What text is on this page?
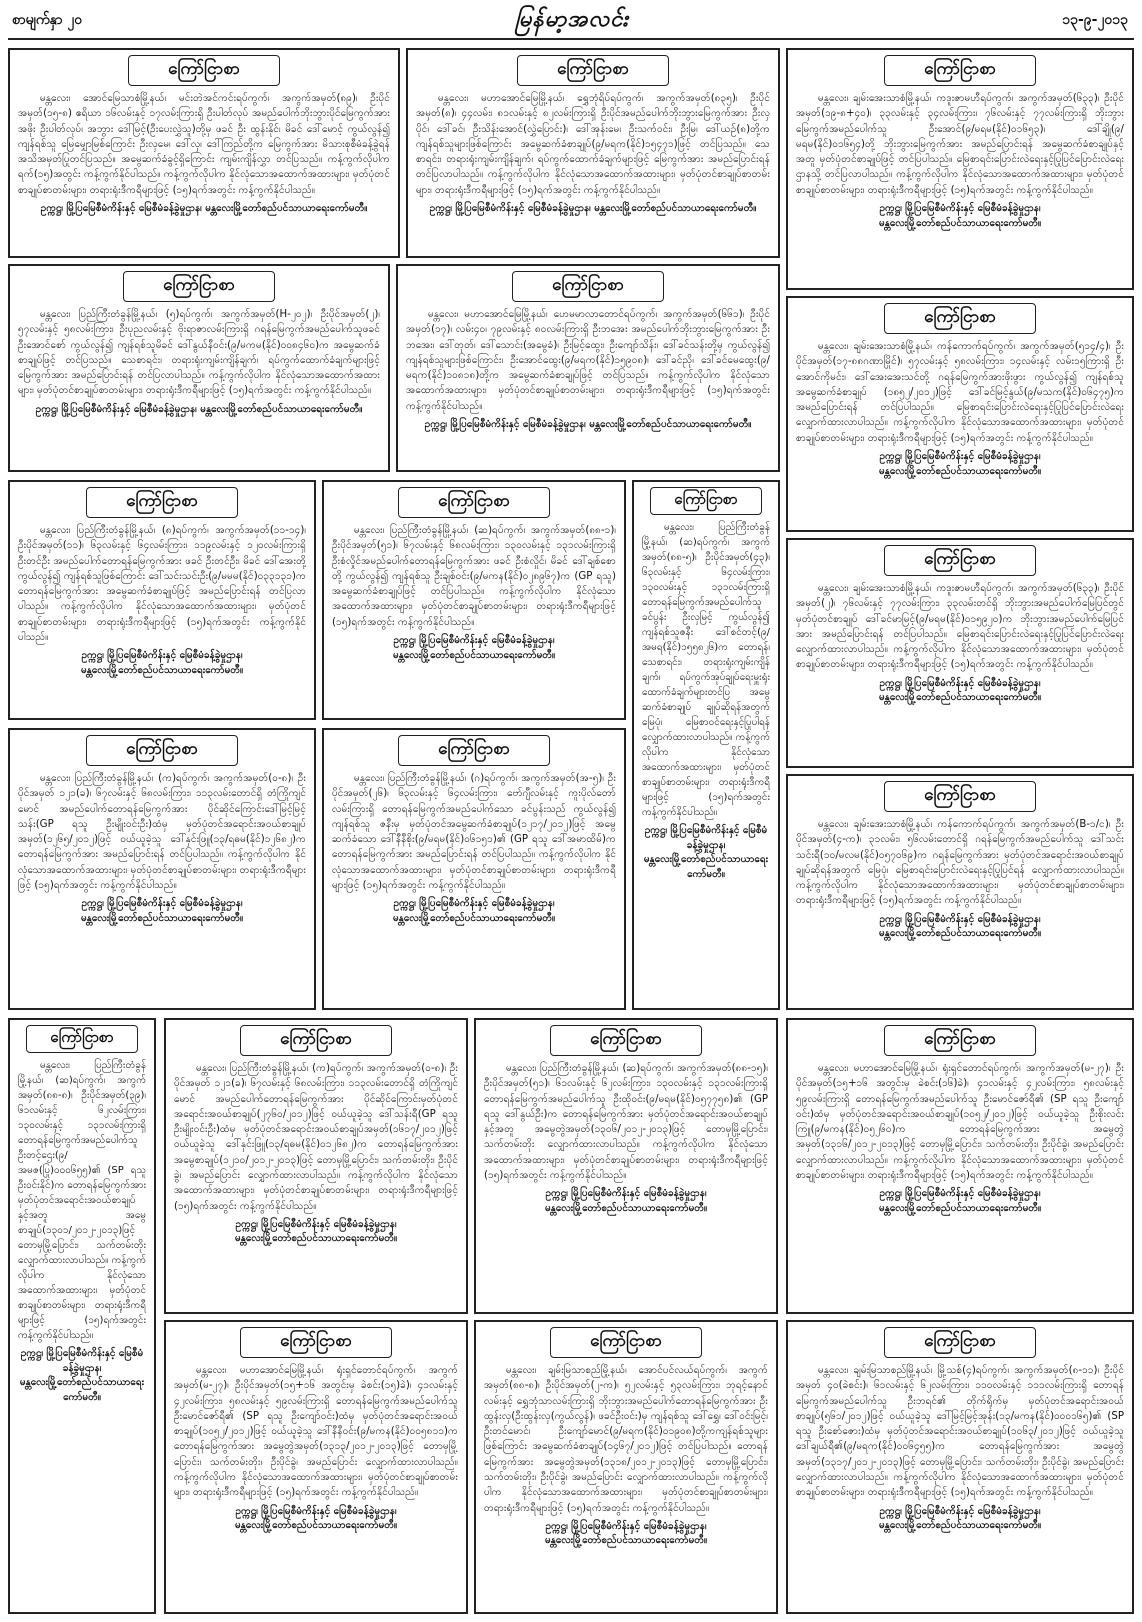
စာမျက်နှာ ၂၀	မြန်မာ့အလင်း	၁၃-၉-၂၀၁၃
ကြော်ငြာစာ
မန္တလေး၊ အောင်မြေသာစံမြို့နယ်၊ မင်းတဲအင်ကင်းရပ်ကွက်၊ အကွက်အမှတ်(၈၉)၊ ဦးပိုင်အမှတ်(၁၅-၈) ဧရိယာ ၁၆လမ်းနှင့် ၁၇လမ်းကြားရှိ ဦးပါတ်လုပ် အမည်ပေါက်ဘိုးဘွားပိုင်မြေကွက်အား အဖိုး ဦးပါတ်လုပ်၊ အဘွား ဒေါ်မြင့်(ဦးပေးလွှဲသူ)တို့မှ ဖခင် ဦး ထွန်းနိုင်၊ မိခင် ဒေါ်မောင့် ကွယ်လွန်၍ ကျန်ရစ်သူ မြေမျှောမြစ်ကြောင်း ဦးလှမေ၊ ဒေါ်လှ၊ ဒေါ်ကြည်တို့က မြေကွက်အား မိသားစုစီမံခန့်ခွဲရန် အသိအမှတ်ပြုတင်ပြသည်။ အမွေဆက်ခံခွင့်ရှိကြောင်း ကျမ်းကျိန်လွှာ တင်ပြသည်။ ကန့်ကွက်လိုပါက ရက်(၁၅)အတွင်း ကန့်ကွက်နိုင်ပါသည်။ ကန့်ကွက်လိုပါက နိုင်လုံသောအထောက်အထားများ၊ မှတ်ပုံတင်စာချုပ်စာတမ်းများ၊ တရားရုံးဒီကရီများဖြင့် (၁၅)ရက်အတွင်း ကန့်ကွက်နိုင်ပါသည်။
ဥက္ကဋ္ဌ၊ မြို့ပြမြေစီမံကိန်းနှင့် မြေစီမံခန့်ခွဲမှုဌာန၊ မန္တလေးမြို့တော်စည်ပင်သာယာရေးကော်မတီ။
ကြော်ငြာစာ
မန္တလေး၊ မဟာအောင်မြေမြို့နယ်၊ ရွှေဘုံရိပ်ရပ်ကွက်၊ အကွက်အမှတ်(၈၃၅)၊ ဦးပိုင်အမှတ်(၈)၊ ၄၄လမ်း၊ ၈၁လမ်းနှင့် ၈၂လမ်းကြားရှိ ဦးပိုင်အမည်ပေါက်ဘိုးဘွားမြေကွက်အား ဦးလှပိုင်၊ ဒေါ်ခင်၊ ဦးသိန်းအောင်(လွှဲပြောင်း)၊ ဒေါ်အုန်းမေ၊ ဦးသက်ဝင်း၊ ဦးမြ၊ ဒေါ်ယဉ်(၈)တို့ကကျန်ရစ်သူများဖြစ်ကြောင်း အမွေဆက်ခံစာချုပ်(၉/မရက(နိုင်)၁၅၄၇၁)ဖြင့် တင်ပြသည်။ သေစာရင်း၊ တရားရုံးကျမ်းကျိန်ချက်၊ ရပ်ကွက်ထောက်ခံချက်များဖြင့် မြေကွက်အား အမည်ပြောင်းရန် တင်ပြလာပါသည်။ ကန့်ကွက်လိုပါက နိုင်လုံသောအထောက်အထားများ၊ မှတ်ပုံတင်စာချုပ်စာတမ်းများ၊ တရားရုံးဒီကရီများဖြင့် (၁၅)ရက်အတွင်း ကန့်ကွက်နိုင်ပါသည်။
ဥက္ကဋ္ဌ၊ မြို့ပြမြေစီမံကိန်းနှင့် မြေစီမံခန့်ခွဲမှုဌာန၊ မန္တလေးမြို့တော်စည်ပင်သာယာရေးကော်မတီ။
ကြော်ငြာစာ
မန္တလေး၊ ချမ်းအေးသာစံမြို့နယ်၊ ကဒူးဇာမဟီရပ်ကွက်၊ အကွက်အမှတ်(၆၃၃)၊ ဦးပိုင်အမှတ်(၁၉-၈+၄၀)၊ ၃၃လမ်းနှင့် ၃၄လမ်းကြား၊ ၇၆လမ်းနှင့် ၇၇လမ်းကြားရှိ ဘိုးဘွားမြေကွက်အမည်ပေါက်သူ ဦးအောင်(၉/မရမ(နိုင်)၀၁၆၅၃)၊ ဒေါ်ချို(၉/မရမ(နိုင်)၀၁၆၅၄)တို့ ဘိုးဘွားမြေကွက်အား အမည်ပြောင်းရန် အမွေဆက်ခံစာချုပ်နှင့်အတူ မှတ်ပုံတင်စာချုပ်ဖြင့် တင်ပြပါသည်။ မြေစာရင်းပြောင်းလဲရေးနှင့်ပြုပြင်ပြောင်းလဲရေး ဌာနသို့ တင်ပြလာပါသည်။ ကန့်ကွက်လိုပါက နိုင်လုံသောအထောက်အထားများ၊ မှတ်ပုံတင်စာချုပ်စာတမ်းများ၊ တရားရုံးဒီကရီများဖြင့် (၁၅)ရက်အတွင်း ကန့်ကွက်နိုင်ပါသည်။
ဥက္ကဋ္ဌ၊ မြို့ပြမြေစီမံကိန်းနှင့် မြေစီမံခန့်ခွဲမှုဌာန၊
မန္တလေးမြို့တော်စည်ပင်သာယာရေးကော်မတီ။
ကြော်ငြာစာ
မန္တလေး၊ ပြည်ကြီးတံခွန်မြို့နယ်၊ (၅)ရပ်ကွက်၊ အကွက်အမှတ်(H-၂၀၂)၊ ဦးပိုင်အမှတ်(၂)၊ ၅၇လမ်းနှင့် ၅၈လမ်းကြား၊ ဦးပုညလမ်းနှင့် ဗိုးရာဇာလမ်းကြားရှိ ဂရန်မြေကွက်အမည်ပေါက်သူဖခင် ဦးအောင်စော် ကွယ်လွန်၍ ကျန်ရစ်သူမိခင် ဒေါ်နွယ်နီဝင်း(၉/မကမ(နိုင်)၀၀၈၄၆၀)က အမွေဆက်ခံစာချုပ်ဖြင့် တင်ပြသည်။ သေစာရင်း၊ တရားရုံးကျမ်းကျိန်ချက်၊ ရပ်ကွက်ထောက်ခံချက်များဖြင့် မြေကွက်အား အမည်ပြောင်းရန် တင်ပြလာပါသည်။ ကန့်ကွက်လိုပါက နိုင်လုံသောအထောက်အထားများ၊ မှတ်ပုံတင်စာချုပ်စာတမ်းများ၊ တရားရုံးဒီကရီများဖြင့် (၁၅)ရက်အတွင်း ကန့်ကွက်နိုင်ပါသည်။
ဥက္ကဋ္ဌ၊ မြို့ပြမြေစီမံကိန်းနှင့် မြေစီမံခန့်ခွဲမှုဌာန၊ မန္တလေးမြို့တော်စည်ပင်သာယာရေးကော်မတီ။
ကြော်ငြာစာ
မန္တလေး၊ မဟာအောင်မြေမြို့နယ်၊ ဟေမမာလာတောင်ရပ်ကွက်၊ အကွက်အမှတ်(၆၆၁)၊ ဦးပိုင်အမှတ်(၁၇)၊ လမ်း၄၀၊ ၇၉လမ်းနှင့် ၈၀လမ်းကြားရှိ ဦးဘအေး အမည်ပေါက်ဘိုးဘွားမြေကွက်အား ဦးဘအေး၊ ဒေါ်တုတ်၊ ဒေါ်သောင်း(အမွေခံ)၊ ဦးမြင့်ထွေး၊ ဦးကျော်သိန်း၊ ဒေါ်ခင်သန်းတို့မှ ကွယ်လွန်၍ ကျန်ရစ်သူများဖြစ်ကြောင်း၊ ဦးအောင်ထွေး(၉/မရက(နိုင်)၁၅၉၀၈)၊ ဒေါ်ခင်ညို၊ ဒေါ်ခင်မေထွေး(၉/မရက(နိုင်)၁၀၈၁၈)တို့က အမွေဆက်ခံစာချုပ်ဖြင့် တင်ပြသည်။ ကန့်ကွက်လိုပါက နိုင်လုံသောအထောက်အထားများ၊ မှတ်ပုံတင်စာချုပ်စာတမ်းများ၊ တရားရုံးဒီကရီများဖြင့် (၁၅)ရက်အတွင်း ကန့်ကွက်နိုင်ပါသည်။
ဥက္ကဋ္ဌ၊ မြို့ပြမြေစီမံကိန်းနှင့် မြေစီမံခန့်ခွဲမှုဌာန၊ မန္တလေးမြို့တော်စည်ပင်သာယာရေးကော်မတီ။
ကြော်ငြာစာ
မန္တလေး၊ ချမ်းအေးသာစံမြို့နယ်၊ ကန်ကောက်ရပ်ကွက်၊ အကွက်အမှတ်(၅၁၄/၄)၊ ဦးပိုင်အမှတ်(၁၇-၈၈ဂဏာမြိုင်)၊ ၅၇လမ်းနှင့် ၅၈လမ်းကြား၊ ၁၄လမ်းနှင့် လမ်း၁၅ကြားရှိ ဦးအောင်ကိုမင်း၊ ဒေါ်အေးအေးသင်တို့ ဂရန်မြေကွက်အားဖိုးဖွား ကွယ်လွန်၍ ကျန်ရစ်သူ အမွေဆက်ခံစာချုပ် (၁၈၅၂/၂၀၁၂)ဖြင့် ဒေါ်ခင်မြင့်နွယ်(၉/မသက(နိုင်)၀၆၄၇၅)က အမည်ပြောင်းရန် တင်ပြပါသည်။ မြေစာရင်းပြောင်းလဲရေးနှင့်ပြုပြင်ပြောင်းလဲရေး လျှောက်ထားလာပါသည်။ ကန့်ကွက်လိုပါက နိုင်လုံသောအထောက်အထားများ၊ မှတ်ပုံတင်စာချုပ်စာတမ်းများ၊ တရားရုံးဒီကရီများဖြင့် (၁၅)ရက်အတွင်း ကန့်ကွက်နိုင်ပါသည်။
ဥက္ကဋ္ဌ၊ မြို့ပြမြေစီမံကိန်းနှင့် မြေစီမံခန့်ခွဲမှုဌာန၊
မန္တလေးမြို့တော်စည်ပင်သာယာရေးကော်မတီ။
ကြော်ငြာစာ
မန္တလေး၊ ပြည်ကြီးတံခွန်မြို့နယ်၊ (၈)ရပ်ကွက်၊ အကွက်အမှတ်(၁၁-၁၄)၊ ဦးပိုင်အမှတ်(၁၁)၊ ၆၃လမ်းနှင့် ၆၄လမ်းကြား၊ ၁၁၉လမ်းနှင့် ၁၂၀လမ်းကြားရှိ ဦးတင်ဦး အမည်ပေါက်တောရန်မြေကွက်အား ဖခင် ဦးတင်ဦး၊ မိခင် ဒေါ်အေးတို့ ကွယ်လွန်၍ ကျန်ရစ်သူဖြစ်ကြောင်း ဒေါ်သင်းသင်းဦး(၉/မမမ(နိုင်)၀၃၃၁၃၁)က တောရန်မြေကွက်အား အမွေဆက်ခံစာချုပ်ဖြင့် အမည်ပြောင်းရန် တင်ပြလာပါသည်။ ကန့်ကွက်လိုပါက နိုင်လုံသောအထောက်အထားများ၊ မှတ်ပုံတင်စာချုပ်စာတမ်းများ၊ တရားရုံးဒီကရီများဖြင့် (၁၅)ရက်အတွင်း ကန့်ကွက်နိုင်ပါသည်။
ဥက္ကဋ္ဌ၊ မြို့ပြမြေစီမံကိန်းနှင့် မြေစီမံခန့်ခွဲမှုဌာန၊
မန္တလေးမြို့တော်စည်ပင်သာယာရေးကော်မတီ။
ကြော်ငြာစာ
မန္တလေး၊ ပြည်ကြီးတံခွန်မြို့နယ်၊ (ဆ)ရပ်ကွက်၊ အကွက်အမှတ်(၈၈-၁)၊ ဦးပိုင်အမှတ်(၅၁)၊ ၆၇လမ်းနှင့် ၆၈လမ်းကြား၊ ၁၃၀လမ်းနှင့် ၁၃၁လမ်းကြားရှိ ဦးစံလှိုင်အမည်ပေါက်တောရန်မြေကွက်အား ဖခင် ဦးစံလှိုင်၊ မိခင် ဒေါ်ချစ်စော တို့ ကွယ်လွန်၍ ကျန်ရစ်သူ ဦးချစ်ဝင်း(၉/မကန(နိုင်)၀၂၈၉၆၇)က (GP ရသူ) အမွေဆက်ခံစာချုပ်ဖြင့် တင်ပြပါသည်။ ကန့်ကွက်လိုပါက နိုင်လုံသောအထောက်အထားများ၊ မှတ်ပုံတင်စာချုပ်စာတမ်းများ၊ တရားရုံးဒီကရီများဖြင့် (၁၅)ရက်အတွင်း ကန့်ကွက်နိုင်ပါသည်။
ဥက္ကဋ္ဌ၊ မြို့ပြမြေစီမံကိန်းနှင့် မြေစီမံခန့်ခွဲမှုဌာန၊
မန္တလေးမြို့တော်စည်ပင်သာယာရေးကော်မတီ။
ကြော်ငြာစာ
မန္တလေး၊ ပြည်ကြီးတံခွန်မြို့နယ်၊ (ဆ)ရပ်ကွက်၊ အကွက်အမှတ်(၈၈-၅)၊ ဦးပိုင်အမှတ်(၄၃)၊ ၆၃လမ်းနှင့် ၆၄လမ်းကြား၊ ၁၃၀လမ်းနှင့် ၁၃၁လမ်းကြားရှိ တောရန်မြေကွက်အမည်ပေါက်သူ ခင်ပွန်း ဦးလှမြင့် ကွယ်လွန်၍ ကျန်ရစ်သူဇနီး ဒေါ်စင်တင့်(၉/အမရ(နိုင်)၁၅၅၈၂၆)က တောရန်၊ သေစာရင်း၊ တရားရုံးကျမ်းကျိန်ချက်၊ ရပ်ကွက်အုပ်ချုပ်ရေးမှူးရုံး ထောက်ခံချက်များတင်ပြ အမွေဆက်ခံစာချုပ် ချုပ်ဆိုရန်အတွက် မြေပုံ၊ မြေစာဝင်ရေးနှင့်ပြုပါရန် လျှောက်ထားလာပါသည်။ ကန့်ကွက်လိုပါက နိုင်လုံသောအထောက်အထားများ၊ မှတ်ပုံတင်စာချုပ်စာတမ်းများ၊ တရားရုံးဒီကရီများဖြင့် (၁၅)ရက်အတွင်း ကန့်ကွက်နိုင်ပါသည်။
ဥက္ကဋ္ဌ၊ မြို့ပြမြေစီမံကိန်းနှင့် မြေစီမံခန့်ခွဲမှုဌာန၊
မန္တလေးမြို့တော်စည်ပင်သာယာရေးကော်မတီ။
ကြော်ငြာစာ
မန္တလေး၊ ချမ်းအေးသာစံမြို့နယ်၊ ကဒူးဇာမဟီရပ်ကွက်၊ အကွက်အမှတ်(၆၃၃)၊ ဦးပိုင်အမှတ်(၂)၊ ၇၆လမ်းနှင့် ၇၇လမ်းကြား၊ ၃၃လမ်းတင်ရှိ ဘိုးဘွားအမည်ပေါက်မြေပြင်တွင် မှတ်ပုံတင်စာချုပ် ဒေါ်ခင်မာမြင့်(၉/မရမ(နိုင်)၀၁၅၉၂၀)က ဘိုးဘွားအမည်ပေါက်မြေပြင်အား အမည်ပြောင်းရန် တင်ပြပါသည်။ မြေစာရင်းပြောင်းလဲရေးနှင့်ပြုပြင်ပြောင်းလဲရေး လျှောက်ထားလာပါသည်။ ကန့်ကွက်လိုပါက နိုင်လုံသောအထောက်အထားများ၊ မှတ်ပုံတင်စာချုပ်စာတမ်းများ၊ တရားရုံးဒီကရီများဖြင့် (၁၅)ရက်အတွင်း ကန့်ကွက်နိုင်ပါသည်။
ဥက္ကဋ္ဌ၊ မြို့ပြမြေစီမံကိန်းနှင့် မြေစီမံခန့်ခွဲမှုဌာန၊
မန္တလေးမြို့တော်စည်ပင်သာယာရေးကော်မတီ။
ကြော်ငြာစာ
မန္တလေး၊ ပြည်ကြီးတံခွန်မြို့နယ်၊ (က)ရပ်ကွက်၊ အကွက်အမှတ်(၀-၈)၊ ဦးပိုင်အမှတ် ၁၂၁(ခ)၊ ၆၇လမ်းနှင့် ၆၈လမ်းကြား၊ ၁၁၃လမ်းတောင်ရှိ တံကြိုကျင်မောင် အမည်ပေါက်တောရန်မြေကွက်အား ပိုင်ဆိုင်ကြောင်းဒေါ်မြင့်မြင့်သန်း(GP ရသူ ဦးမျိုးဝင်းဦး)ထံမှ မှတ်ပုံတင်အရောင်းအဝယ်စာချုပ်အမှတ်(၁၂၆၅/၂၀၁၂)ဖြင့် ဝယ်ယူခဲ့သူ ဒေါ်နှင်းဖြူ(၁၃/ရဓမ(နိုင်)၁၂၆၈၂)က တောရန်မြေကွက်အား အမည်ပြောင်းရန် တင်ပြပါသည်။ ကန့်ကွက်လိုပါက နိုင်လုံသောအထောက်အထားများ၊ မှတ်ပုံတင်စာချုပ်စာတမ်းများ၊ တရားရုံးဒီကရီများဖြင့် (၁၅)ရက်အတွင်း ကန့်ကွက်နိုင်ပါသည်။
ဥက္ကဋ္ဌ၊ မြို့ပြမြေစီမံကိန်းနှင့် မြေစီမံခန့်ခွဲမှုဌာန၊
မန္တလေးမြို့တော်စည်ပင်သာယာရေးကော်မတီ။
ကြော်ငြာစာ
မန္တလေး၊ ပြည်ကြီးတံခွန်မြို့နယ်၊ (ဂ)ရပ်ကွက်၊ အကွက်အမှတ်(အ-၅)၊ ဦးပိုင်အမှတ်(၂၆)၊ ၆၃လမ်းနှင့် ၆၄လမ်းကြား၊ ဗော်ဂျီလမ်းနှင့် ကူးပိုလ်တော်လမ်းကြားရှိ တောရန်မြေကွက်အမည်ပေါက်သော ခင်ပွန်းသည် ကွယ်လွန်၍ ကျန်ရစ်သူ ဇနီးမှ မှတ်ပုံတင်အမွေဆက်ခံစာချုပ်(၁၂၁၇/၂၀၁၂)ဖြင့် အမွေဆက်ခံသော ဒေါ်နီနီစိုး(၉/မရမ(နိုင်)၀၆၁၅၁)၏ (GP ရသူ ဒေါ်အမာထိမ်)က တောရန်မြေကွက်အား အမည်ပြောင်းရန် တင်ပြပါသည်။ ကန့်ကွက်လိုပါက နိုင်လုံသောအထောက်အထားများ၊ မှတ်ပုံတင်စာချုပ်စာတမ်းများ၊ တရားရုံးဒီကရီများဖြင့် (၁၅)ရက်အတွင်း ကန့်ကွက်နိုင်ပါသည်။
ဥက္ကဋ္ဌ၊ မြို့ပြမြေစီမံကိန်းနှင့် မြေစီမံခန့်ခွဲမှုဌာန၊
မန္တလေးမြို့တော်စည်ပင်သာယာရေးကော်မတီ။
ကြော်ငြာစာ
မန္တလေး၊ ချမ်းအေးသာစံမြို့နယ်၊ ကန်ကောက်ရပ်ကွက်၊ အကွက်အမှတ်(B-၁/င)၊ ဦးပိုင်အမှတ်(၄-က)၊ ၃၁လမ်း၊ ၅၆လမ်းတောင်ရှိ ဂရန်မြေကွက်အမည်ပေါက်သူ ဒေါ်သင်းသင်းရီ(၁၀/မလမ(နိုင်)၀၅၇၀၆၉)က ဂရန်မြေကွက်အား မှတ်ပုံတင်အရောင်းအဝယ်စာချုပ် ချုပ်ဆိုရန်အတွက် မြေပုံ၊ မြေစာရင်းပြောင်းလဲရေးနှင့်ပြုပြင်ရန် လျှောက်ထားလာပါသည်။ ကန့်ကွက်လိုပါက နိုင်လုံသောအထောက်အထားများ၊ မှတ်ပုံတင်စာချုပ်စာတမ်းများ၊ တရားရုံးဒီကရီများဖြင့် (၁၅)ရက်အတွင်း ကန့်ကွက်နိုင်ပါသည်။
ဥက္ကဋ္ဌ၊ မြို့ပြမြေစီမံကိန်းနှင့် မြေစီမံခန့်ခွဲမှုဌာန၊
မန္တလေးမြို့တော်စည်ပင်သာယာရေးကော်မတီ။
ကြော်ငြာစာ
မန္တလေး၊ ပြည်ကြီးတံခွန်မြို့နယ်၊ (ဆ)ရပ်ကွက်၊ အကွက်အမှတ်(၈၈-၈)၊ ဦးပိုင်အမှတ်(၃၉)၊ ၆၁လမ်းနှင့် ၆၂လမ်းကြား၊ ၁၃၀လမ်းနှင့် ၁၃၁လမ်းကြားရှိ တောရန်မြေကွက်အမည်ပေါက်သူ ဦးတင့်ဌေး(၉/အမဇ(ပြု)၀၀၀၆၅၅)၏ (SP ရသူ ဦးဝင်းနိုင်)က တောရန်မြေကွက်အား မှတ်ပုံတင်အရောင်းအဝယ်စာချုပ်နှင့်အတူ အမွေစာချုပ်(၁၃၀၁/၂၀၁၂-၂၀၁၃)ဖြင့် တောမှမြို့ပြောင်း၊ သက်တမ်းတိုး လျှောက်ထားလာပါသည်။ ကန့်ကွက်လိုပါက နိုင်လုံသောအထောက်အထားများ၊ မှတ်ပုံတင်စာချုပ်စာတမ်းများ၊ တရားရုံးဒီကရီများဖြင့် (၁၅)ရက်အတွင်း ကန့်ကွက်နိုင်ပါသည်။
ဥက္ကဋ္ဌ၊ မြို့ပြမြေစီမံကိန်းနှင့် မြေစီမံခန့်ခွဲမှုဌာန၊
မန္တလေးမြို့တော်စည်ပင်သာယာရေးကော်မတီ။
ကြော်ငြာစာ
မန္တလေး၊ ပြည်ကြီးတံခွန်မြို့နယ်၊ (က)ရပ်ကွက်၊ အကွက်အမှတ်(၀-၈)၊ ဦးပိုင်အမှတ် ၁၂၁(ခ)၊ ၆၇လမ်းနှင့် ၆၈လမ်းကြား၊ ၁၁၃လမ်းတောင်ရှိ တံကြိုကျင်မောင် အမည်ပေါက်တောရန်မြေကွက်အား ပိုင်ဆိုင်ကြောင်းမှတ်ပုံတင်အရောင်းအဝယ်စာချုပ်(၂၇၆၀/၂၀၁၂)ဖြင့် ဝယ်ယူခဲ့သူ ဒေါ်သန်းရီ(GP ရသူ ဦးမျိုးဝင်းဦး)ထံမှ မှတ်ပုံတင်အရောင်းအဝယ်စာချုပ်အမှတ်(၁၆၁၇/၂၀၁၂)ဖြင့် ဝယ်ယူခဲ့သူ ဒေါ်နှင်းဖြူ(၁၃/ရဓမ(နိုင်)၀၁၂၆၈၂)က တောရန်မြေကွက်အား အမွေစာချုပ်(၁၂၁၀/၂၀၁၂-၂၀၁၃)ဖြင့် တောမှမြို့ပြောင်း၊ သက်တမ်းတိုး၊ ဦးပိုင်ခွဲ၊ အမည်ပြောင်း လျှောက်ထားလာပါသည်။ ကန့်ကွက်လိုပါက နိုင်လုံသောအထောက်အထားများ၊ မှတ်ပုံတင်စာချုပ်စာတမ်းများ၊ တရားရုံးဒီကရီများဖြင့် (၁၅)ရက်အတွင်း ကန့်ကွက်နိုင်ပါသည်။
ဥက္ကဋ္ဌ၊ မြို့ပြမြေစီမံကိန်းနှင့် မြေစီမံခန့်ခွဲမှုဌာန၊
မန္တလေးမြို့တော်စည်ပင်သာယာရေးကော်မတီ။
ကြော်ငြာစာ
မန္တလေး၊ ပြည်ကြီးတံခွန်မြို့နယ်၊ (ဆ)ရပ်ကွက်၊ အကွက်အမှတ်(၈၈-၁၅)၊ ဦးပိုင်အမှတ်(၅၁)၊ ၆၁လမ်းနှင့် ၆၂လမ်းကြား၊ ၁၃၀လမ်းနှင့် ၁၃၁လမ်းကြားရှိ တောရန်မြေကွက်အမည်ပေါက်သူ ဦးထိုဝင်း(၉/မရမ(နိုင်)၀၅၇၇၅၈)၏ (GP ရသူ ဒေါ်နွယ်ဦး)က တောရန်မြေကွက်အား မှတ်ပုံတင်အရောင်းအဝယ်စာချုပ်နှင့်အတူ အမွေတွဲအမှတ်(၁၃၀၆/၂၀၁၂-၂၀၁၃)ဖြင့် တောမှမြို့ပြောင်း၊ သက်တမ်းတိုး လျှောက်ထားလာပါသည်။ ကန့်ကွက်လိုပါက နိုင်လုံသောအထောက်အထားများ၊ မှတ်ပုံတင်စာချုပ်စာတမ်းများ၊ တရားရုံးဒီကရီများဖြင့် (၁၅)ရက်အတွင်း ကန့်ကွက်နိုင်ပါသည်။
ဥက္ကဋ္ဌ၊ မြို့ပြမြေစီမံကိန်းနှင့် မြေစီမံခန့်ခွဲမှုဌာန၊
မန္တလေးမြို့တော်စည်ပင်သာယာရေးကော်မတီ။
ကြော်ငြာစာ
မန္တလေး၊ မဟာအောင်မြေမြို့နယ်၊ ရုံးရှင်တောင်ရပ်ကွက်၊ အကွက်အမှတ်(မ-၂၇)၊ ဦးပိုင်အမှတ်(၁၅+၁၆ အတွင်းမှ ခဲစင်း(၁၆)ခဲ)၊ ၄၁လမ်းနှင့် ၄၂လမ်းကြား၊ ၅၈လမ်းနှင့် ၅၉လမ်းကြားရှိ တောရန်မြေကွက်အမည်ပေါက်သူ ဦးမောင်ဇော်ရီ၏ (SP ရသူ ဦးကျော်ဝင်း)ထံမှ မှတ်ပုံတင်အရောင်းအဝယ်စာချုပ်(၁၀၅၂/၂၀၁၂)ဖြင့် ဝယ်ယူခဲ့သူ ဦးစိုးလင်းကြူ(၉/မကန(နိုင်)၀၅၂၆၀)က တောရန်မြေကွက်အား အမွေတွဲအမှတ်(၁၃၁၆/၂၀၁၂-၂၀၁၃)ဖြင့် တောမှမြို့ပြောင်း၊ သက်တမ်းတိုး၊ ဦးပိုင်ခွဲ၊ အမည်ပြောင်း လျှောက်ထားလာပါသည်။ ကန့်ကွက်လိုပါက နိုင်လုံသောအထောက်အထားများ၊ မှတ်ပုံတင်စာချုပ်စာတမ်းများ၊ တရားရုံးဒီကရီများဖြင့် (၁၅)ရက်အတွင်း ကန့်ကွက်နိုင်ပါသည်။
ဥက္ကဋ္ဌ၊ မြို့ပြမြေစီမံကိန်းနှင့် မြေစီမံခန့်ခွဲမှုဌာန၊
မန္တလေးမြို့တော်စည်ပင်သာယာရေးကော်မတီ။
ကြော်ငြာစာ
မန္တလေး၊ မဟာအောင်မြေမြို့နယ်၊ ရုံးရှင်တောင်ရပ်ကွက်၊ အကွက်အမှတ်(မ-၂၇)၊ ဦးပိုင်အမှတ်(၁၅+၁၆ အတွင်းမှ ခဲစင်း(၁၅)ခဲ)၊ ၄၁လမ်းနှင့် ၄၂လမ်းကြား၊ ၅၈လမ်းနှင့် ၅၉လမ်းကြားရှိ တောရန်မြေကွက်အမည်ပေါက်သူ ဦးမောင်ဇော်ရီ၏ (SP ရသူ ဦးကျော်ဝင်း)ထံမှ မှတ်ပုံတင်အရောင်းအဝယ်စာချုပ်(၁၀၅၂/၂၀၁၂)ဖြင့် ဝယ်ယူခဲ့သူ ဒေါ်နီနီဝင်း(၉/မကန(နိုင်)၀၀၅၈၁၁)က တောရန်မြေကွက်အား အမွေတွဲအမှတ်(၁၃၁၃/၂၀၁၂-၂၀၁၃)ဖြင့် တောမှမြို့ပြောင်း၊ သက်တမ်းတိုး၊ ဦးပိုင်ခွဲ၊ အမည်ပြောင်း လျှောက်ထားလာပါသည်။ ကန့်ကွက်လိုပါက နိုင်လုံသောအထောက်အထားများ၊ မှတ်ပုံတင်စာချုပ်စာတမ်းများ၊ တရားရုံးဒီကရီများဖြင့် (၁၅)ရက်အတွင်း ကန့်ကွက်နိုင်ပါသည်။
ဥက္ကဋ္ဌ၊ မြို့ပြမြေစီမံကိန်းနှင့် မြေစီမံခန့်ခွဲမှုဌာန၊
မန္တလေးမြို့တော်စည်ပင်သာယာရေးကော်မတီ။
ကြော်ငြာစာ
မန္တလေး၊ ချမ်းမြသာစည်မြို့နယ်၊ အောင်ပင်လယ်ရပ်ကွက်၊ အကွက်အမှတ်(၈၈-၈)၊ ဦးပိုင်အမှတ်(၂-က)၊ ၅၂လမ်းနှင့် ၅၃လမ်းကြား၊ ဘုရင့်နောင်လမ်းနှင့် ရွှေဘုံသာလမ်းကြားရှိ ဘိုးဘွားအမည်ပေါက်တောရန်မြေကွက်အား ဦးထွန်းလှ(ဦးထွန်းလှ(ကွယ်လွန်)၊ ဖခင်ဦးဝင်း)မှ ကျန်ရစ်သူ ဒေါ်ရွှေ၊ ဒေါ်ဝင်းမြင့်၊ ဦးတင်မောင်၊ ဦးကျော်မောင်(၉/မရက(နိုင်)၀၁၉၀၈)တို့ကကျန်ရစ်သူများဖြစ်ကြောင်း အမွေဆက်ခံစာချုပ်(၁၄၆၇/၂၀၁၂)ဖြင့် တင်ပြပါသည်။ တောရန်မြေကွက်အား အမွေတွဲအမှတ်(၁၃၁၈/၂၀၁၂-၂၀၁၃)ဖြင့် တောမှမြို့ပြောင်း၊ သက်တမ်းတိုး၊ ဦးပိုင်ခွဲ၊ အမည်ပြောင်း လျှောက်ထားလာပါသည်။ ကန့်ကွက်လိုပါက နိုင်လုံသောအထောက်အထားများ၊ မှတ်ပုံတင်စာချုပ်စာတမ်းများ၊ တရားရုံးဒီကရီများဖြင့် (၁၅)ရက်အတွင်း ကန့်ကွက်နိုင်ပါသည်။
ဥက္ကဋ္ဌ၊ မြို့ပြမြေစီမံကိန်းနှင့် မြေစီမံခန့်ခွဲမှုဌာန၊
မန္တလေးမြို့တော်စည်ပင်သာယာရေးကော်မတီ။
ကြော်ငြာစာ
မန္တလေး၊ ချမ်းမြသာစည်မြို့နယ်၊ မြို့သစ်(၄)ရပ်ကွက်၊ အကွက်အမှတ်(၈-၁၁)၊ ဦးပိုင်အမှတ် ၄၀(ခဲစင်း)၊ ၆၁လမ်းနှင့် ၆၂လမ်းကြား၊ ၁၁၀လမ်းနှင့် ၁၁၁လမ်းကြားရှိ တောရန်မြေကွက်အမည်ပေါက်သူ ဦးဘရင်၏ တိုက်ရိုက်မှ မှတ်ပုံတင်အရောင်းအဝယ်စာချုပ်(၅၆၁/၂၀၁၂)ဖြင့် ဝယ်ယူခဲ့သူ ဒေါ်မြင့်မြင့်အုန်း(၁၃/မကန(နိုင်)၀၀၀၁၆၅)၏ (SP ရသူ ဦးစော်ဇေား)ထံမှ မှတ်ပုံတင်အရောင်းအဝယ်စာချုပ်(၁၀၆၃/၂၀၁၂)ဖြင့် ဝယ်ယူခဲ့သူ ဒေါ်ချယ်ရီ၏(၉/မရက(နိုင်)၀၀၆၄၅၅)က တောရန်မြေကွက်အား အမွေတွဲအမှတ်(၁၃၁၇/၂၀၁၂-၂၀၁၃)ဖြင့် တောမှမြို့ပြောင်း၊ သက်တမ်းတိုး၊ ဦးပိုင်ခွဲ၊ အမည်ပြောင်း လျှောက်ထားလာပါသည်။ ကန့်ကွက်လိုပါက နိုင်လုံသောအထောက်အထားများ၊ မှတ်ပုံတင်စာချုပ်စာတမ်းများ၊ တရားရုံးဒီကရီများဖြင့် (၁၅)ရက်အတွင်း ကန့်ကွက်နိုင်ပါသည်။
ဥက္ကဋ္ဌ၊ မြို့ပြမြေစီမံကိန်းနှင့် မြေစီမံခန့်ခွဲမှုဌာန၊
မန္တလေးမြို့တော်စည်ပင်သာယာရေးကော်မတီ။
